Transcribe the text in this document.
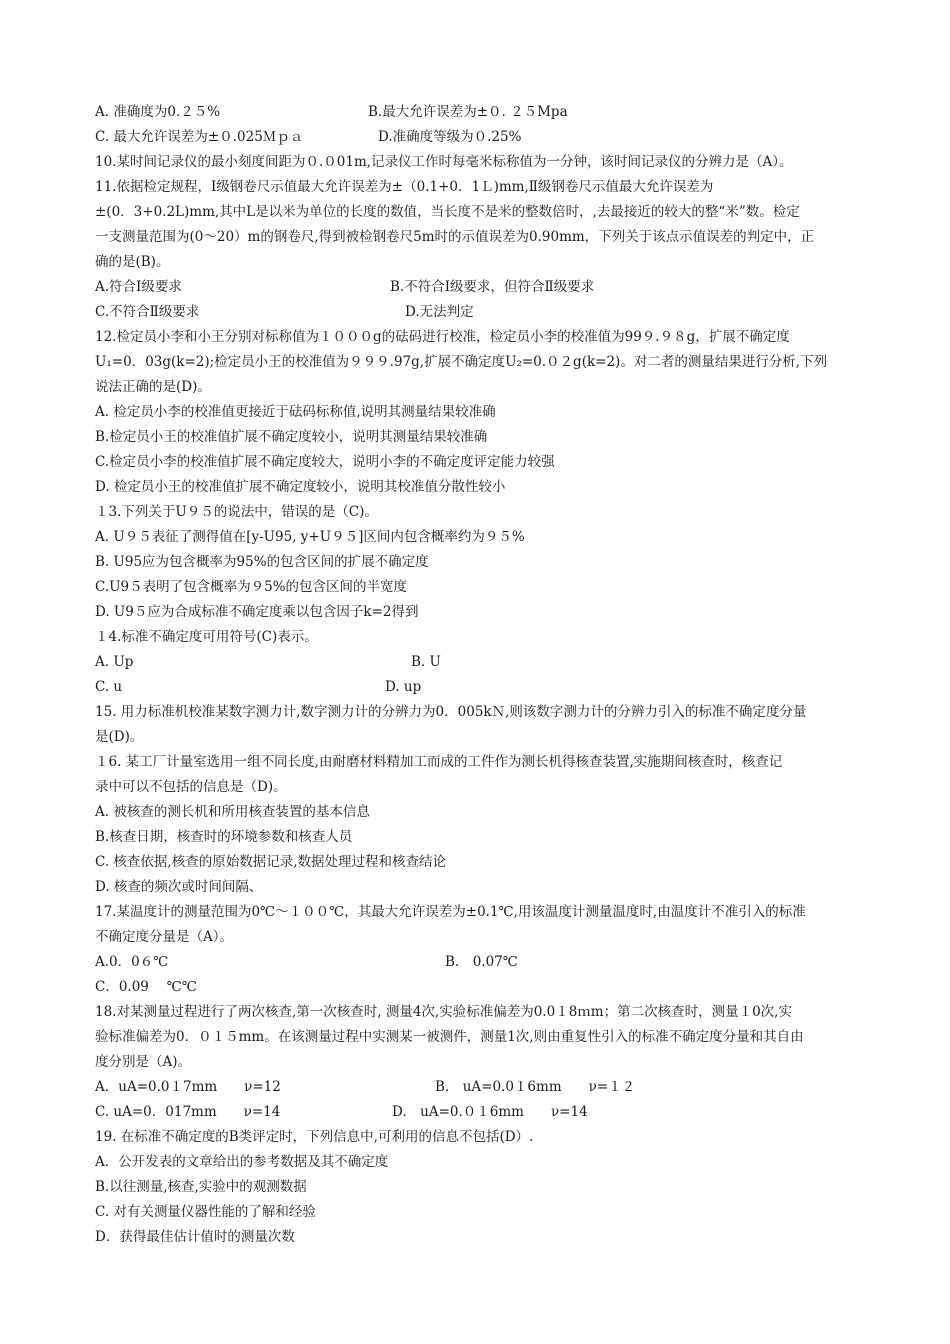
A. 准确度为0.２５%	B.最大允许误差为±０. ２５Mpa
C. 最大允许误差为±０.025Ｍｐａ	D.准确度等级为０.25%
10.某时间记录仪的最小刻度间距为０.０01m,记录仪工作时每毫米标称值为一分钟，该时间记录仪的分辨力是（A）。
11.依据检定规程，Ⅰ级钢卷尺示值最大允许误差为±（0.1+0．1Ｌ)mm,Ⅱ级钢卷尺示值最大允许误差为
±(0．3+0.2L)mm,其中L是以米为单位的长度的数值，当长度不是米的整数倍时，,去最接近的较大的整“米”数。检定
一支测量范围为(0～20）m的钢卷尺,得到被检钢卷尺5m时的示值误差为0.90mm，下列关于该点示值误差的判定中，正
确的是(B)。
A.符合Ⅰ级要求	B.不符合Ⅰ级要求，但符合Ⅱ级要求
C.不符合Ⅱ级要求	D.无法判定
12.检定员小李和小王分别对标称值为１０００g的砝码进行校准，检定员小李的校准值为99９.９８g，扩展不确定度
U₁=0．03g(k=2);检定员小王的校准值为９９９.97g,扩展不确定度U₂=0.０２g(k=2)。对二者的测量结果进行分析,下列
说法正确的是(D)。
A. 检定员小李的校准值更接近于砝码标称值,说明其测量结果较准确
B.检定员小王的校准值扩展不确定度较小，说明其测量结果较准确
C.检定员小李的校准值扩展不确定度较大，说明小李的不确定度评定能力较强
D. 检定员小王的校准值扩展不确定度较小，说明其校准值分散性较小
１3.下列关于U９５的说法中，错误的是（C)。
A. U９５表征了测得值在[y-U95, y+U９５]区间内包含概率约为９５%
B. U95应为包含概率为95%的包含区间的扩展不确定度
C.U9５表明了包含概率为９5%的包含区间的半宽度
D. U9５应为合成标准不确定度乘以包含因子k=2得到
１4.标准不确定度可用符号(C)表示。
A. Up	B. U
C. u	D. up
15. 用力标准机校准某数字测力计,数字测力计的分辨力为0．005kＮ,则该数字测力计的分辨力引入的标准不确定度分量
是(D)。
１6. 某工厂计量室选用一组不同长度,由耐磨材料精加工而成的工件作为测长机得核查装置,实施期间核查时，核查记
录中可以不包括的信息是（D)。
A. 被核查的测长机和所用核查装置的基本信息
B.核查日期，核查时的环境参数和核查人员
C. 核查依据,核查的原始数据记录,数据处理过程和核查结论
D. 核查的频次或时间间隔、
17.某温度计的测量范围为0℃～１００℃，其最大允许误差为±0.1℃,用该温度计测量温度时,由温度计不准引入的标准
不确定度分量是（A）。
A.0．0６℃	B.　0.07℃
C．0.09　 ℃℃
18.对某测量过程进行了两次核查,第一次核查时, 测量4次,实验标准偏差为0.0１8ｍm；第二次核查时，测量１0次,实
验标准偏差为0．０１５mm。在该测量过程中实测某一被测件，测量1次,则由重复性引入的标准不确定度分量和其自由
度分别是（A)。
A．uA=0.0１7mm　　ν=12	B.　uA=0.0１6mm　　ν=１２
C. uA=0．017mm　　ν=14	D.　uA=0.０１6mm　　ν=14
19. 在标准不确定度的B类评定时，下列信息中,可利用的信息不包括(D）.
A．公开发表的文章给出的参考数据及其不确定度
B.以往测量,核查,实验中的观测数据
C. 对有关测量仪器性能的了解和经验
D．获得最佳估计值时的测量次数
